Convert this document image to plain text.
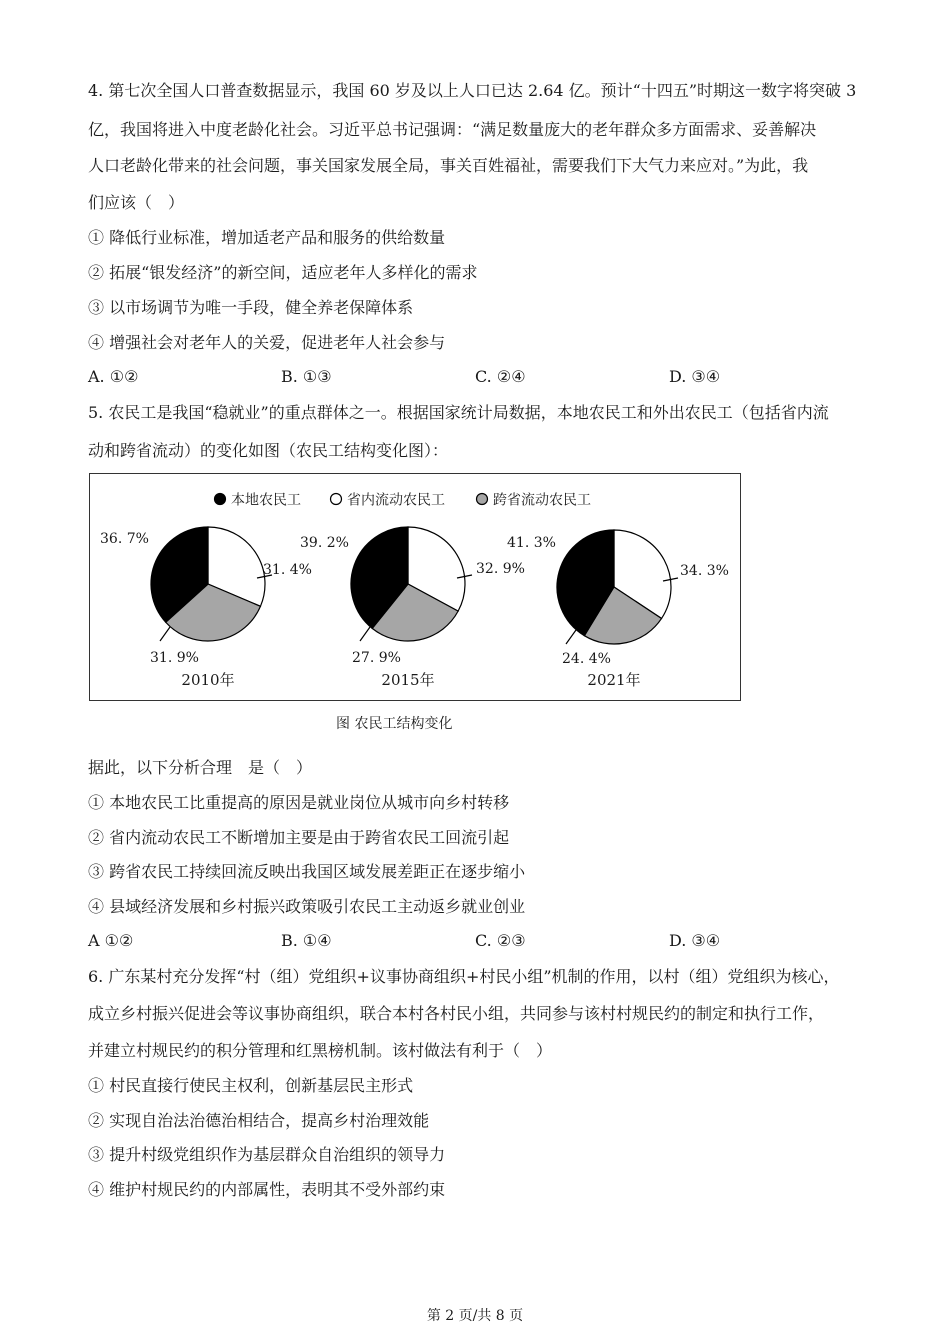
4. 第七次全国人口普查数据显示，我国 60 岁及以上人口已达 2.64 亿。预计“十四五”时期这一数字将突破 3
亿，我国将进入中度老龄化社会。习近平总书记强调：“满足数量庞大的老年群众多方面需求、妥善解决
人口老龄化带来的社会问题，事关国家发展全局，事关百姓福祉，需要我们下大气力来应对。”为此，我
们应该（　）
① 降低行业标准，增加适老产品和服务的供给数量
② 拓展“银发经济”的新空间，适应老年人多样化的需求
③ 以市场调节为唯一手段，健全养老保障体系
④ 增强社会对老年人的关爱，促进老年人社会参与
A. ①②	B. ①③	C. ②④	D. ③④
5. 农民工是我国“稳就业”的重点群体之一。根据国家统计局数据，本地农民工和外出农民工（包括省内流
动和跨省流动）的变化如图（农民工结构变化图）：
本地农民工	省内流动农民工	跨省流动农民工
36. 7%
31. 4%
31. 9%
2010年
39. 2%
32. 9%
27. 9%
2015年
41. 3%
34. 3%
24. 4%
2021年
图 农民工结构变化
据此，以下分析合理　是（　）
① 本地农民工比重提高的原因是就业岗位从城市向乡村转移
② 省内流动农民工不断增加主要是由于跨省农民工回流引起
③ 跨省农民工持续回流反映出我国区域发展差距正在逐步缩小
④ 县域经济发展和乡村振兴政策吸引农民工主动返乡就业创业
A ①②	B. ①④	C. ②③	D. ③④
6. 广东某村充分发挥“村（组）党组织+议事协商组织+村民小组”机制的作用，以村（组）党组织为核心，
成立乡村振兴促进会等议事协商组织，联合本村各村民小组，共同参与该村村规民约的制定和执行工作，
并建立村规民约的积分管理和红黑榜机制。该村做法有利于（　）
① 村民直接行使民主权利，创新基层民主形式
② 实现自治法治德治相结合，提高乡村治理效能
③ 提升村级党组织作为基层群众自治组织的领导力
④ 维护村规民约的内部属性，表明其不受外部约束
第 2 页/共 8 页
